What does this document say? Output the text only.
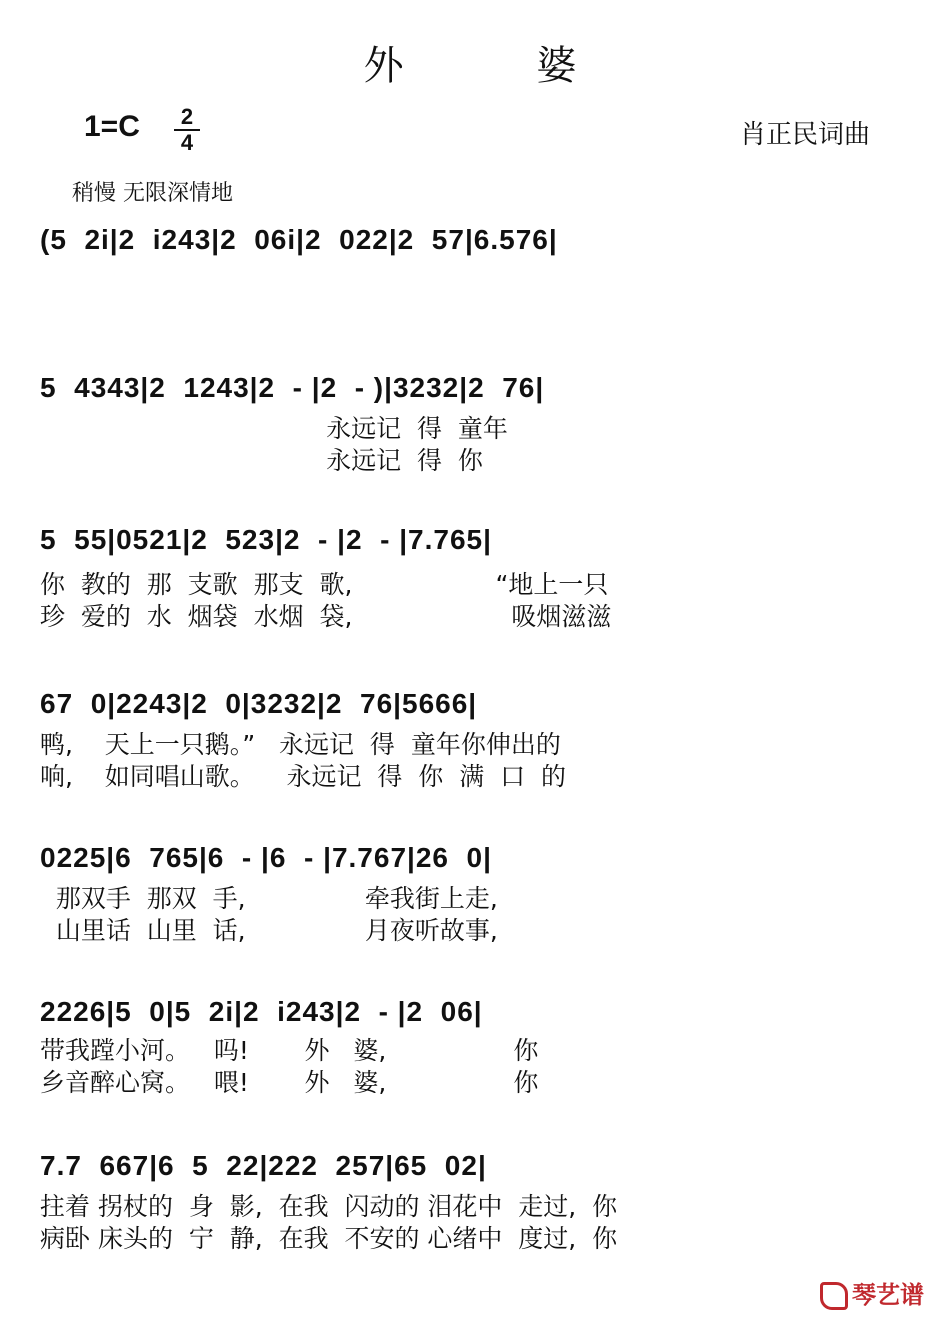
外 婆
1=C	2
4	肖正民词曲
稍慢 无限深情地
(5  2i|2  i243|2  06i|2  022|2  57|6.576|
5  4343|2  1243|2  - |2  - )|3232|2  76|
永远记  得  童年
永远记  得  你
5  55|0521|2  523|2  - |2  - |7.765|
你  教的  那  支歌  那支  歌,                  “地上一只
珍  爱的  水  烟袋  水烟  袋,                    吸烟滋滋
67  0|2243|2  0|3232|2  76|5666|
鸭,    天上一只鹅。”   永远记  得  童年你伸出的
响,    如同唱山歌。    永远记  得  你  满  口  的
0225|6  765|6  - |6  - |7.767|26  0|
那双手  那双  手,               牵我街上走,
山里话  山里  话,               月夜听故事,
2226|5  0|5  2i|2  i243|2  - |2  06|
带我蹚小河。   吗!       外   婆,                你
乡音醉心窝。   喂!       外   婆,                你
7.7  667|6  5  22|222  257|65  02|
拄着 拐杖的  身  影,  在我  闪动的 泪花中  走过,  你
病卧 床头的  宁  静,  在我  不安的 心绪中  度过,  你
琴艺谱
